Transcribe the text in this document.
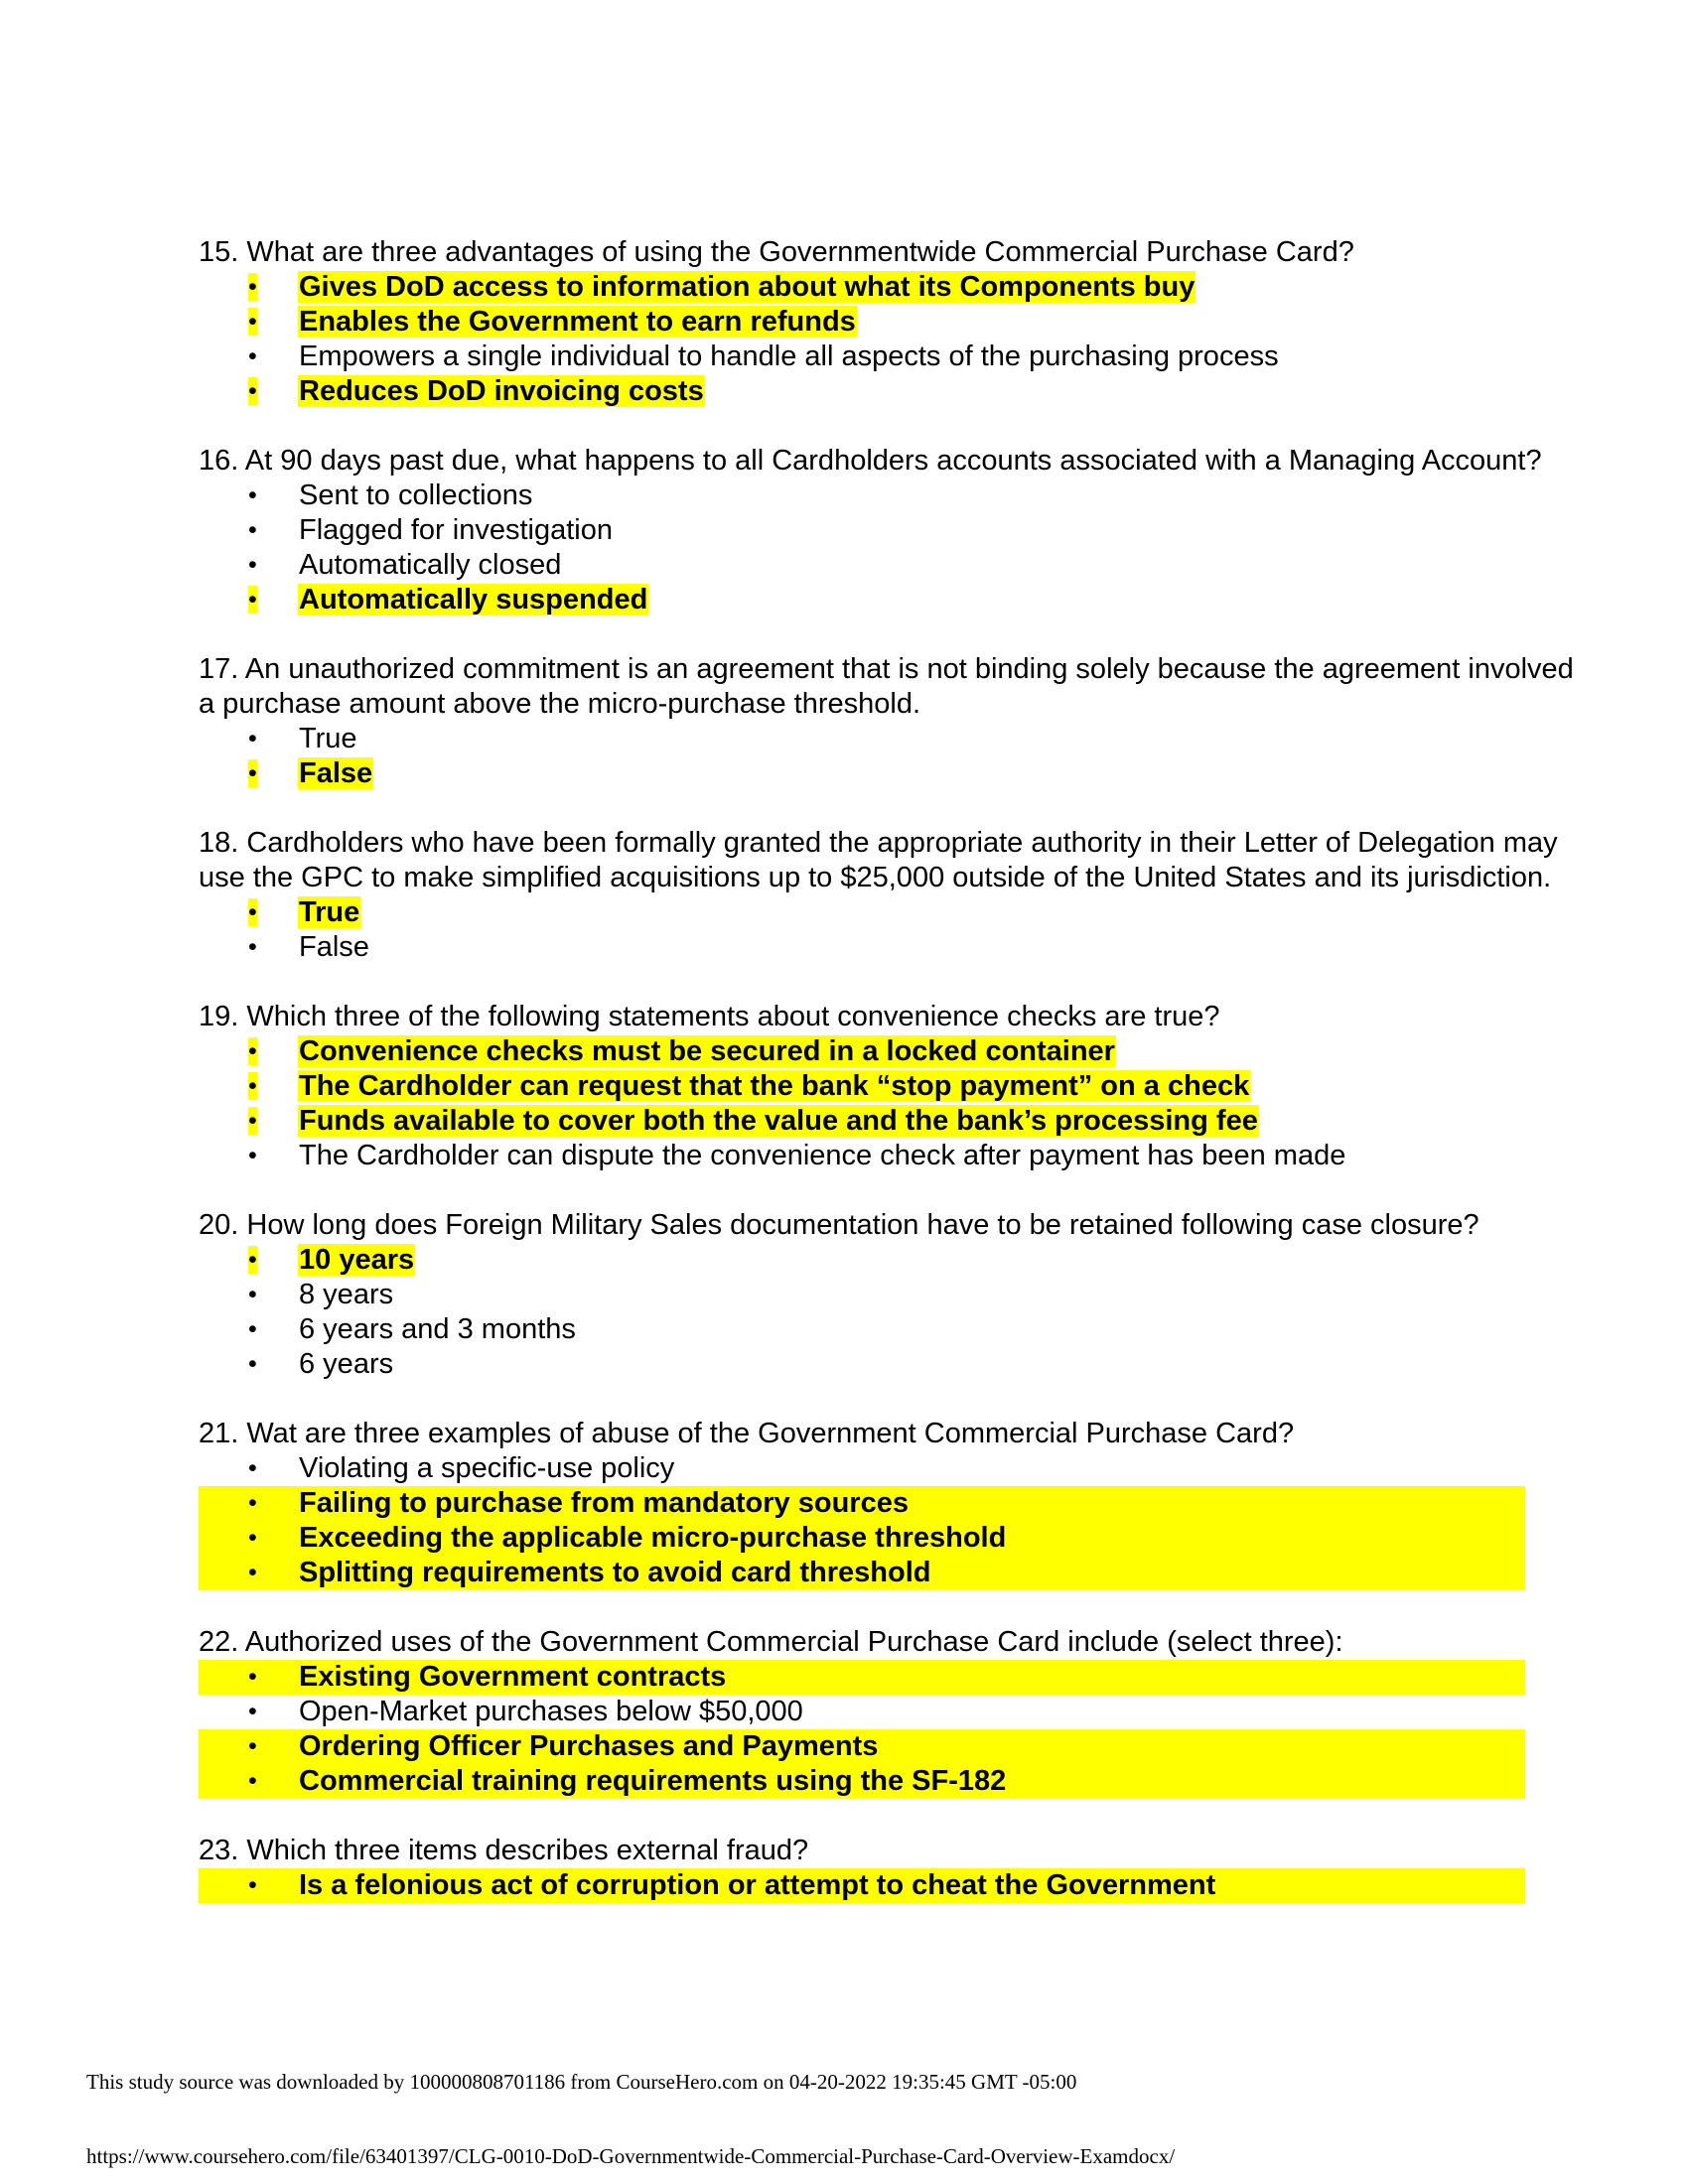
15. What are three advantages of using the Governmentwide Commercial Purchase Card?

•	Gives DoD access to information about what its Components buy
•	Enables the Government to earn refunds
•	Empowers a single individual to handle all aspects of the purchasing process
•	Reduces DoD invoicing costs

16. At 90 days past due, what happens to all Cardholders accounts associated with a Managing Account?

•	Sent to collections
•	Flagged for investigation
•	Automatically closed
•	Automatically suspended

17. An unauthorized commitment is an agreement that is not binding solely because the agreement involved a purchase amount above the micro-purchase threshold.

•	True
•	False

18. Cardholders who have been formally granted the appropriate authority in their Letter of Delegation may use the GPC to make simplified acquisitions up to $25,000 outside of the United States and its jurisdiction.

•	True
•	False

19. Which three of the following statements about convenience checks are true?

•	Convenience checks must be secured in a locked container
•	The Cardholder can request that the bank “stop payment” on a check
•	Funds available to cover both the value and the bank’s processing fee
•	The Cardholder can dispute the convenience check after payment has been made

20. How long does Foreign Military Sales documentation have to be retained following case closure?

•	10 years
•	8 years
•	6 years and 3 months
•	6 years

21. Wat are three examples of abuse of the Government Commercial Purchase Card?

•	Violating a specific-use policy
•	Failing to purchase from mandatory sources
•	Exceeding the applicable micro-purchase threshold
•	Splitting requirements to avoid card threshold

22. Authorized uses of the Government Commercial Purchase Card include (select three):

•	Existing Government contracts
•	Open-Market purchases below $50,000
•	Ordering Officer Purchases and Payments
•	Commercial training requirements using the SF-182

23. Which three items describes external fraud?

•	Is a felonious act of corruption or attempt to cheat the Government
This study source was downloaded by 100000808701186 from CourseHero.com on 04-20-2022 19:35:45 GMT -05:00
https://www.coursehero.com/file/63401397/CLG-0010-DoD-Governmentwide-Commercial-Purchase-Card-Overview-Examdocx/
